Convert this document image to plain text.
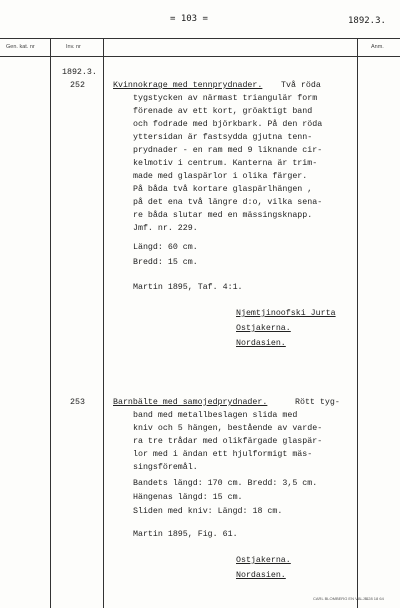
= 103 =	1892.3.
Gen. kat. nr	Inv. nr	Anm.
1892.3.
252	Kvinnokrage med tennprydnader. Två röda
tygstycken av närmast triangulär form
förenade av ett kort, gröaktigt band
och fodrade med björkbark. På den röda
yttersidan är fastsydda gjutna tenn-
prydnader - en ram med 9 liknande cir-
kelmotiv i centrum. Kanterna är trim-
made med glaspärlor i olika färger.
På båda två kortare glaspärlhängen ,
på det ena två längre d:o, vilka sena-
re båda slutar med en mässingsknapp.
Jmf. nr. 229.
Längd: 60 cm.
Bredd: 15 cm.
Martin 1895, Taf. 4:1.
Njemtjinoofski Jurta
Ostjakerna.
Nordasien.
253	Barnbälte med samojedprydnader.	Rött tyg-
band med metallbeslagen slida med
kniv och 5 hängen, bestående av varde-
ra tre trådar med olikfärgade glaspär-
lor med i ändan ett hjulformigt mäs-
singsföremål.
Bandets längd: 170 cm. Bredd: 3,5 cm.
Hängenas längd: 15 cm.
Sliden med kniv: Längd: 18 cm.
Martin 1895, Fig. 61.
Ostjakerna.
Nordasien.
CARL BLOMBERG EN VÄLJE
428 18 64
